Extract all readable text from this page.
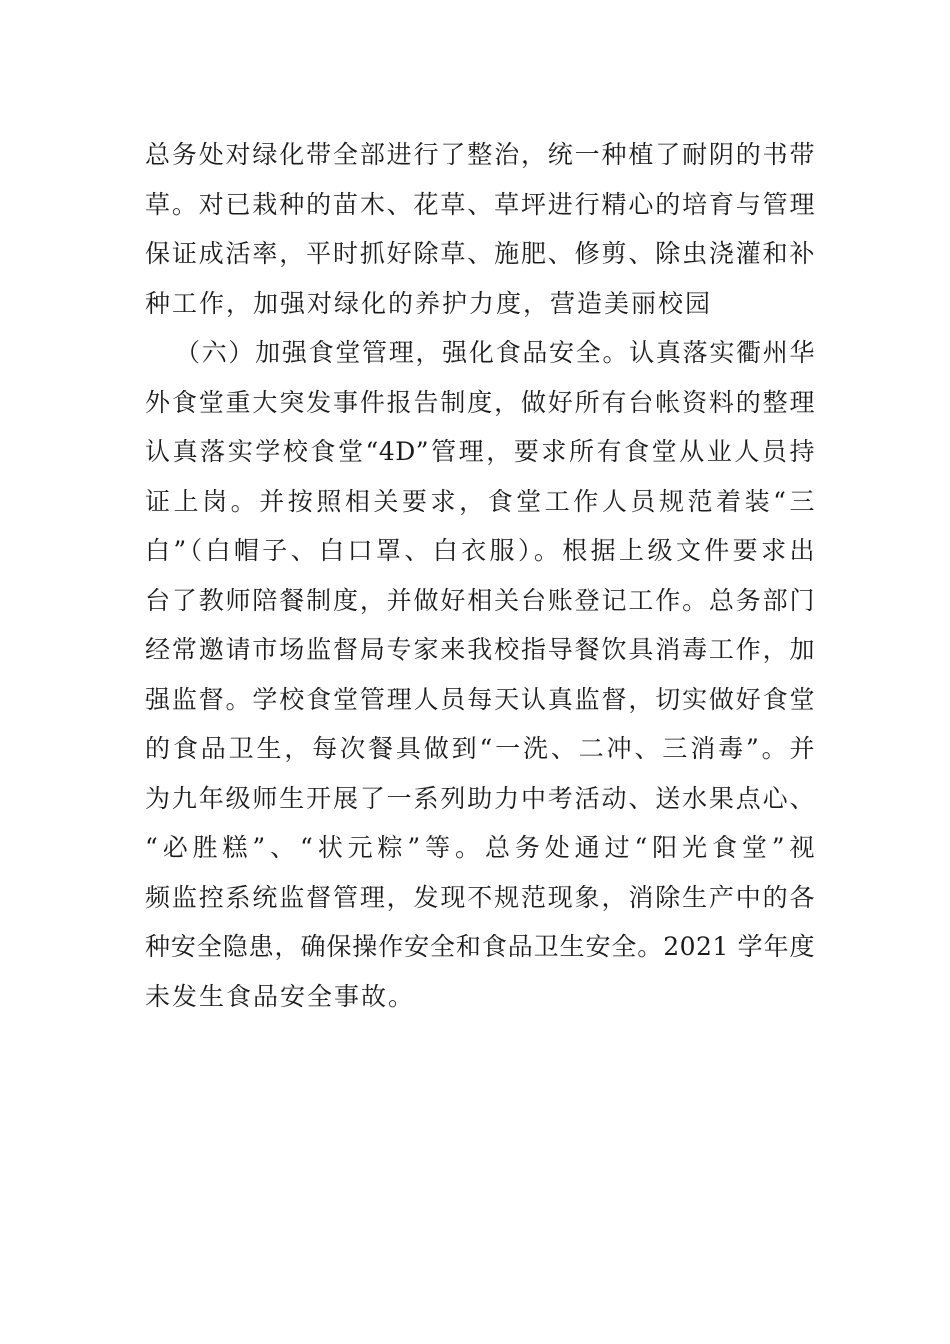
总务处对绿化带全部进行了整治，统一种植了耐阴的书带
草。对已栽种的苗木、花草、草坪进行精心的培育与管理
保证成活率，平时抓好除草、施肥、修剪、除虫浇灌和补
种工作，加强对绿化的养护力度，营造美丽校园
（六）加强食堂管理，强化食品安全。认真落实衢州华
外食堂重大突发事件报告制度，做好所有台帐资料的整理
认真落实学校食堂“4D”管理，要求所有食堂从业人员持
证上岗。并按照相关要求，食堂工作人员规范着装“三
白”（白帽子、白口罩、白衣服）。根据上级文件要求出
台了教师陪餐制度，并做好相关台账登记工作。总务部门
经常邀请市场监督局专家来我校指导餐饮具消毒工作，加
强监督。学校食堂管理人员每天认真监督，切实做好食堂
的食品卫生，每次餐具做到“一洗、二冲、三消毒”。并
为九年级师生开展了一系列助力中考活动、送水果点心、
“必胜糕”、“状元粽”等。总务处通过“阳光食堂”视
频监控系统监督管理，发现不规范现象，消除生产中的各
种安全隐患，确保操作安全和食品卫生安全。2021 学年度
未发生食品安全事故。
